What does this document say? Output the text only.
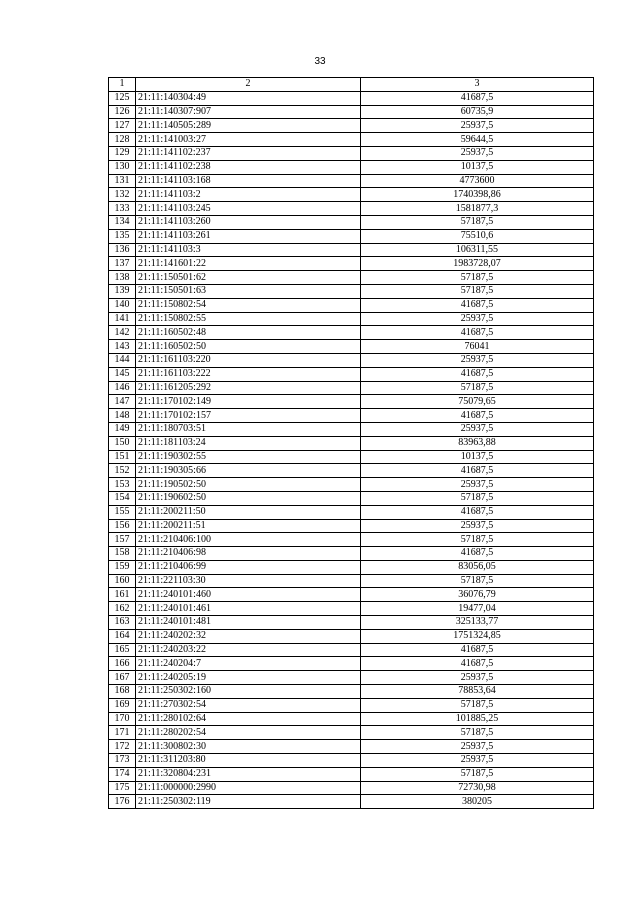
33
1	2	3
125	21:11:140304:49	41687,5
126	21:11:140307:907	60735,9
127	21:11:140505:289	25937,5
128	21:11:141003:27	59644,5
129	21:11:141102:237	25937,5
130	21:11:141102:238	10137,5
131	21:11:141103:168	4773600
132	21:11:141103:2	1740398,86
133	21:11:141103:245	1581877,3
134	21:11:141103:260	57187,5
135	21:11:141103:261	75510,6
136	21:11:141103:3	106311,55
137	21:11:141601:22	1983728,07
138	21:11:150501:62	57187,5
139	21:11:150501:63	57187,5
140	21:11:150802:54	41687,5
141	21:11:150802:55	25937,5
142	21:11:160502:48	41687,5
143	21:11:160502:50	76041
144	21:11:161103:220	25937,5
145	21:11:161103:222	41687,5
146	21:11:161205:292	57187,5
147	21:11:170102:149	75079,65
148	21:11:170102:157	41687,5
149	21:11:180703:51	25937,5
150	21:11:181103:24	83963,88
151	21:11:190302:55	10137,5
152	21:11:190305:66	41687,5
153	21:11:190502:50	25937,5
154	21:11:190602:50	57187,5
155	21:11:200211:50	41687,5
156	21:11:200211:51	25937,5
157	21:11:210406:100	57187,5
158	21:11:210406:98	41687,5
159	21:11:210406:99	83056,05
160	21:11:221103:30	57187,5
161	21:11:240101:460	36076,79
162	21:11:240101:461	19477,04
163	21:11:240101:481	325133,77
164	21:11:240202:32	1751324,85
165	21:11:240203:22	41687,5
166	21:11:240204:7	41687,5
167	21:11:240205:19	25937,5
168	21:11:250302:160	78853,64
169	21:11:270302:54	57187,5
170	21:11:280102:64	101885,25
171	21:11:280202:54	57187,5
172	21:11:300802:30	25937,5
173	21:11:311203:80	25937,5
174	21:11:320804:231	57187,5
175	21:11:000000:2990	72730,98
176	21:11:250302:119	380205
